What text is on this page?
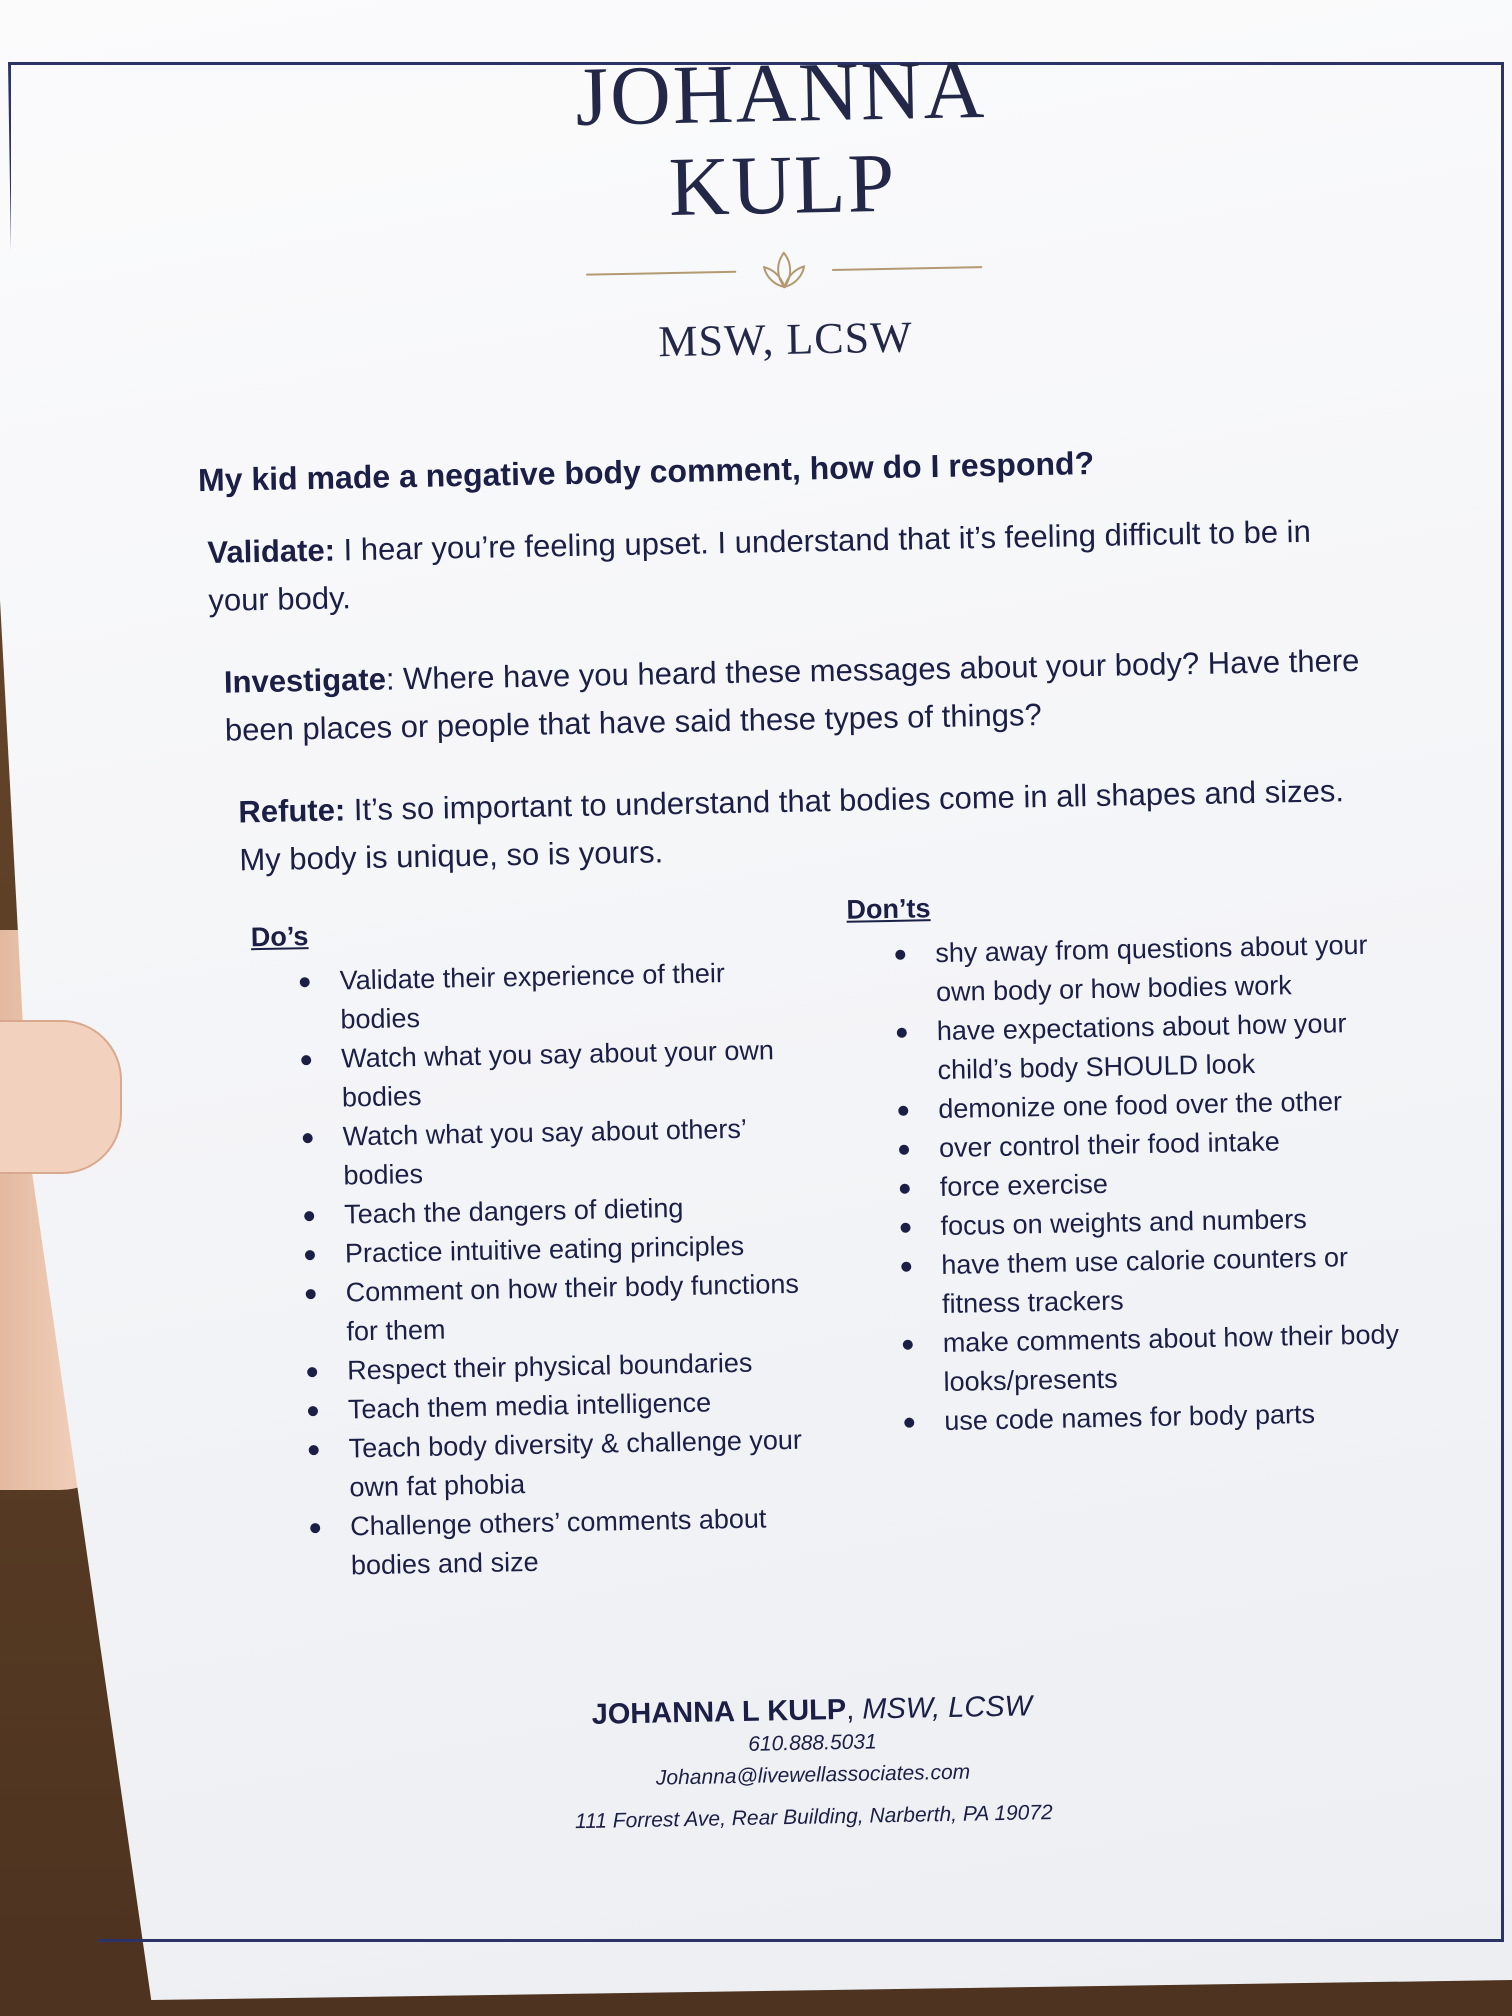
JOHANNA
KULP
MSW, LCSW
My kid made a negative body comment, how do I respond?
Validate: I hear you’re feeling upset. I understand that it’s feeling difficult to be in your body.
Investigate: Where have you heard these messages about your body? Have there been places or people that have said these types of things?
Refute: It’s so important to understand that bodies come in all shapes and sizes. My body is unique, so is yours.
Do’s
Validate their experience of their bodies
Watch what you say about your own bodies
Watch what you say about others’ bodies
Teach the dangers of dieting
Practice intuitive eating principles
Comment on how their body functions for them
Respect their physical boundaries
Teach them media intelligence
Teach body diversity & challenge your own fat phobia
Challenge others’ comments about bodies and size
Don’ts
shy away from questions about your own body or how bodies work
have expectations about how your child’s body SHOULD look
demonize one food over the other
over control their food intake
force exercise
focus on weights and numbers
have them use calorie counters or fitness trackers
make comments about how their body looks/presents
use code names for body parts
JOHANNA L KULP, MSW, LCSW
610.888.5031
Johanna@livewellassociates.com
111 Forrest Ave, Rear Building, Narberth, PA 19072
